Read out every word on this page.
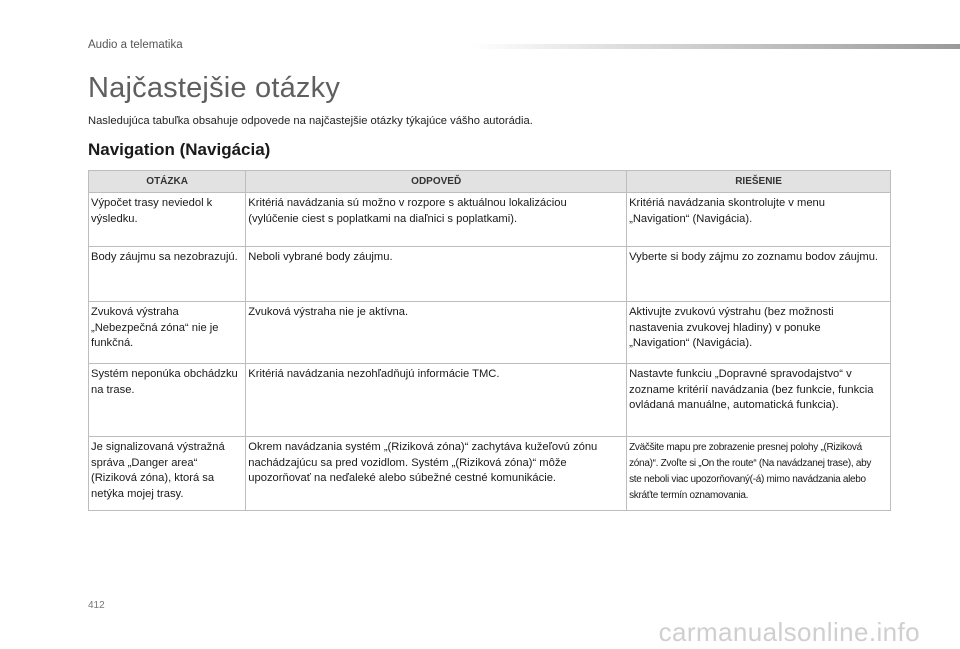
Audio a telematika
Najčastejšie otázky
Nasledujúca tabuľka obsahuje odpovede na najčastejšie otázky týkajúce vášho autorádia.
Navigation (Navigácia)
OTÁZKA	ODPOVEĎ	RIEŠENIE
Výpočet trasy neviedol k výsledku.	Kritériá navádzania sú možno v rozpore s aktuálnou lokalizáciou (vylúčenie ciest s poplatkami na diaľnici s poplatkami).	Kritériá navádzania skontrolujte v menu „Navigation“ (Navigácia).
Body záujmu sa nezobrazujú.	Neboli vybrané body záujmu.	Vyberte si body zájmu zo zoznamu bodov záujmu.
Zvuková výstraha „Nebezpečná zóna“ nie je funkčná.	Zvuková výstraha nie je aktívna.	Aktivujte zvukovú výstrahu (bez možnosti nastavenia zvukovej hladiny) v ponuke „Navigation“ (Navigácia).
Systém neponúka obchádzku na trase.	Kritériá navádzania nezohľadňujú informácie TMC.	Nastavte funkciu „Dopravné spravodajstvo“ v zozname kritérií navádzania (bez funkcie, funkcia ovládaná manuálne, automatická funkcia).
Je signalizovaná výstražná správa „Danger area“ (Riziková zóna), ktorá sa netýka mojej trasy.	Okrem navádzania systém „(Riziková zóna)“ zachytáva kužeľovú zónu nachádzajúcu sa pred vozidlom. Systém „(Riziková zóna)“ môže upozorňovať na neďaleké alebo súbežné cestné komunikácie.	Zväčšite mapu pre zobrazenie presnej polohy „(Riziková zóna)“. Zvoľte si „On the route“ (Na navádzanej trase), aby ste neboli viac upozorňovaný(-á) mimo navádzania alebo skráťte termín oznamovania.
412
carmanualsonline.info
